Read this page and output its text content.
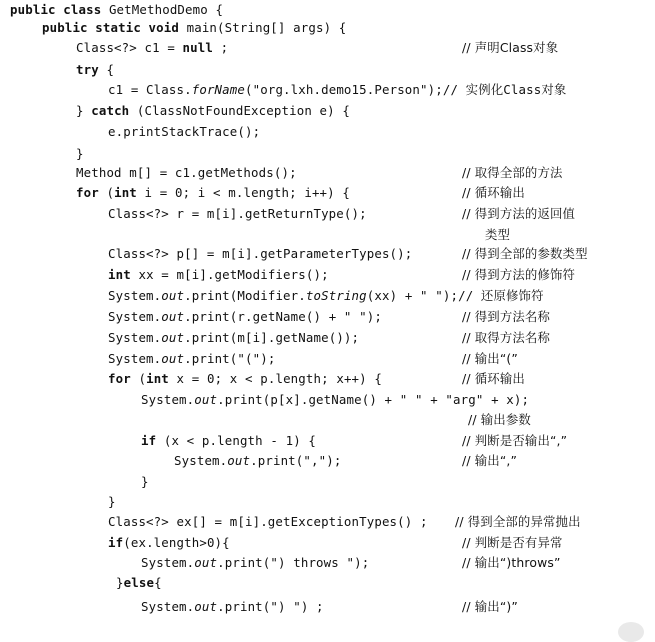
public class GetMethodDemo {
public static void main(String[] args) {
Class<?> c1 = null ;	// 声明Class对象
try {
c1 = Class.forName("org.lxh.demo15.Person");// 实例化Class对象
} catch (ClassNotFoundException e) {
e.printStackTrace();
}
Method m[] = c1.getMethods();	// 取得全部的方法
for (int i = 0; i < m.length; i++) {	// 循环输出
Class<?> r = m[i].getReturnType();	// 得到方法的返回值
类型
Class<?> p[] = m[i].getParameterTypes();	// 得到全部的参数类型
int xx = m[i].getModifiers();	// 得到方法的修饰符
System.out.print(Modifier.toString(xx) + " ");// 还原修饰符
System.out.print(r.getName() + " ");	// 得到方法名称
System.out.print(m[i].getName());	// 取得方法名称
System.out.print("(");	// 输出“(”
for (int x = 0; x < p.length; x++) {	// 循环输出
System.out.print(p[x].getName() + " " + "arg" + x);
// 输出参数
if (x < p.length - 1) {	// 判断是否输出“,”
System.out.print(",");	// 输出“,”
}
}
Class<?> ex[] = m[i].getExceptionTypes() ; // 得到全部的异常抛出
if(ex.length>0){	// 判断是否有异常
System.out.print(") throws ");	// 输出“)throws”
}else{
System.out.print(") ") ;	// 输出“)”
